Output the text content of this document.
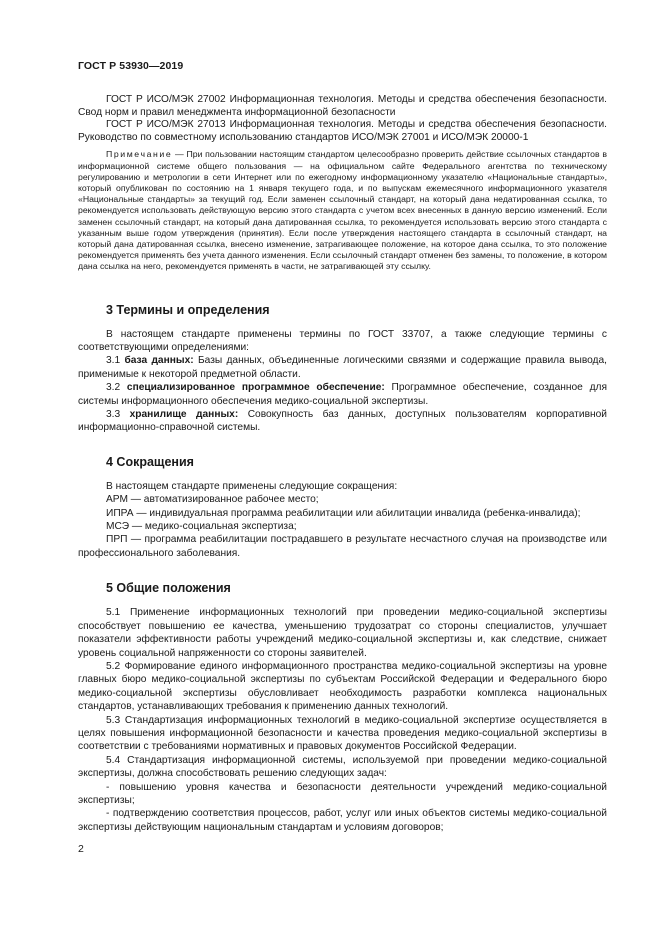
ГОСТ Р 53930—2019

ГОСТ Р ИСО/МЭК 27002 Информационная технология. Методы и средства обеспечения безопасности. Свод норм и правил менеджмента информационной безопасности

ГОСТ Р ИСО/МЭК 27013 Информационная технология. Методы и средства обеспечения безопасности. Руководство по совместному использованию стандартов ИСО/МЭК 27001 и ИСО/МЭК 20000-1

Примечание — При пользовании настоящим стандартом целесообразно проверить действие ссылочных стандартов в информационной системе общего пользования — на официальном сайте Федерального агентства по техническому регулированию и метрологии в сети Интернет или по ежегодному информационному указателю «Национальные стандарты», который опубликован по состоянию на 1 января текущего года, и по выпускам ежемесячного информационного указателя «Национальные стандарты» за текущий год. Если заменен ссылочный стандарт, на который дана недатированная ссылка, то рекомендуется использовать действующую версию этого стандарта с учетом всех внесенных в данную версию изменений. Если заменен ссылочный стандарт, на который дана датированная ссылка, то рекомендуется использовать версию этого стандарта с указанным выше годом утверждения (принятия). Если после утверждения настоящего стандарта в ссылочный стандарт, на который дана датированная ссылка, внесено изменение, затрагивающее положение, на которое дана ссылка, то это положение рекомендуется применять без учета данного изменения. Если ссылочный стандарт отменен без замены, то положение, в котором дана ссылка на него, рекомендуется применять в части, не затрагивающей эту ссылку.

3 Термины и определения

В настоящем стандарте применены термины по ГОСТ 33707, а также следующие термины с соответствующими определениями:

3.1 база данных: Базы данных, объединенные логическими связями и содержащие правила вывода, применимые к некоторой предметной области.

3.2 специализированное программное обеспечение: Программное обеспечение, созданное для системы информационного обеспечения медико-социальной экспертизы.

3.3 хранилище данных: Совокупность баз данных, доступных пользователям корпоративной информационно-справочной системы.

4 Сокращения

В настоящем стандарте применены следующие сокращения:

АРМ — автоматизированное рабочее место;

ИПРА — индивидуальная программа реабилитации или абилитации инвалида (ребенка-инвалида);

МСЭ — медико-социальная экспертиза;

ПРП — программа реабилитации пострадавшего в результате несчастного случая на производстве или профессионального заболевания.

5 Общие положения

5.1 Применение информационных технологий при проведении медико-социальной экспертизы способствует повышению ее качества, уменьшению трудозатрат со стороны специалистов, улучшает показатели эффективности работы учреждений медико-социальной экспертизы и, как следствие, снижает уровень социальной напряженности со стороны заявителей.

5.2 Формирование единого информационного пространства медико-социальной экспертизы на уровне главных бюро медико-социальной экспертизы по субъектам Российской Федерации и Федерального бюро медико-социальной экспертизы обусловливает необходимость разработки комплекса национальных стандартов, устанавливающих требования к применению данных технологий.

5.3 Стандартизация информационных технологий в медико-социальной экспертизе осуществляется в целях повышения информационной безопасности и качества проведения медико-социальной экспертизы в соответствии с требованиями нормативных и правовых документов Российской Федерации.

5.4 Стандартизация информационной системы, используемой при проведении медико-социальной экспертизы, должна способствовать решению следующих задач:

- повышению уровня качества и безопасности деятельности учреждений медико-социальной экспертизы;

- подтверждению соответствия процессов, работ, услуг или иных объектов системы медико-социальной экспертизы действующим национальным стандартам и условиям договоров;

2
